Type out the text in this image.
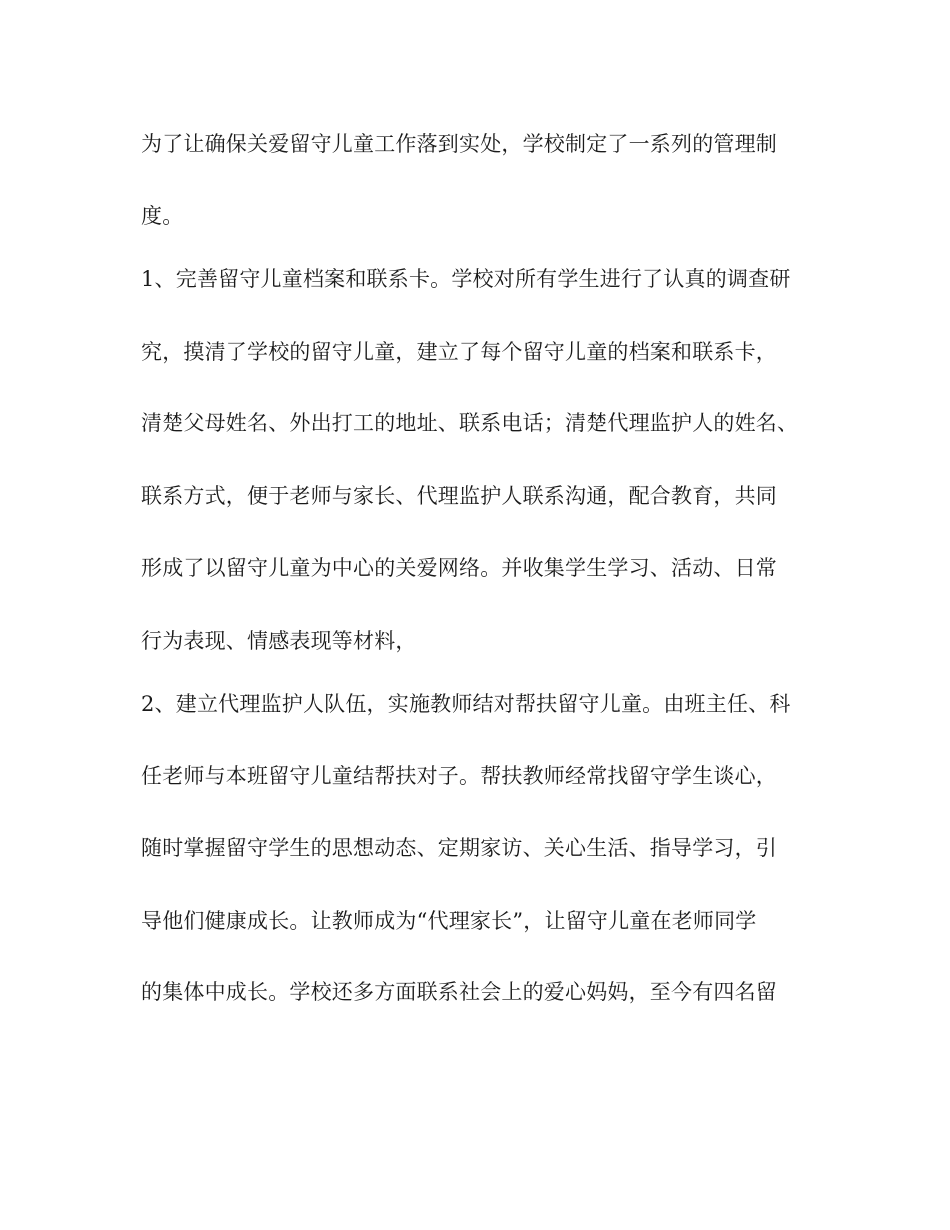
为了让确保关爱留守儿童工作落到实处，学校制定了一系列的管理制
度。
1、完善留守儿童档案和联系卡。学校对所有学生进行了认真的调查研
究，摸清了学校的留守儿童，建立了每个留守儿童的档案和联系卡，
清楚父母姓名、外出打工的地址、联系电话；清楚代理监护人的姓名、
联系方式，便于老师与家长、代理监护人联系沟通，配合教育，共同
形成了以留守儿童为中心的关爱网络。并收集学生学习、活动、日常
行为表现、情感表现等材料，
2、建立代理监护人队伍，实施教师结对帮扶留守儿童。由班主任、科
任老师与本班留守儿童结帮扶对子。帮扶教师经常找留守学生谈心，
随时掌握留守学生的思想动态、定期家访、关心生活、指导学习，引
导他们健康成长。让教师成为“代理家长”，让留守儿童在老师同学
的集体中成长。学校还多方面联系社会上的爱心妈妈，至今有四名留
